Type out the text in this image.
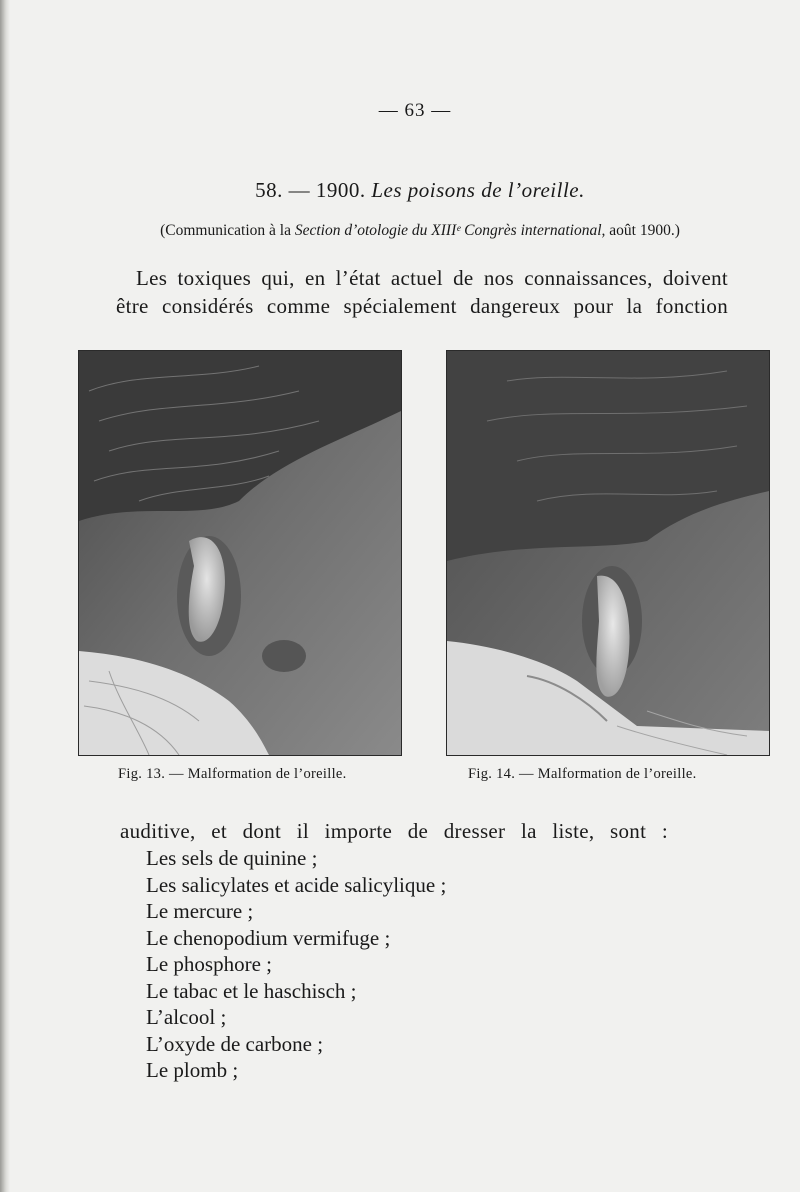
— 63 —
58. — 1900. Les poisons de l’oreille.
(Communication à la Section d’otologie du XIIIᵉ Congrès international, août 1900.)
Les toxiques qui, en l’état actuel de nos connaissances, doivent
être considérés comme spécialement dangereux pour la fonction
Fig. 13. — Malformation de l’oreille.	Fig. 14. — Malformation de l’oreille.
auditive, et dont il importe de dresser la liste, sont :
Les sels de quinine ;
Les salicylates et acide salicylique ;
Le mercure ;
Le chenopodium vermifuge ;
Le phosphore ;
Le tabac et le haschisch ;
L’alcool ;
L’oxyde de carbone ;
Le plomb ;
